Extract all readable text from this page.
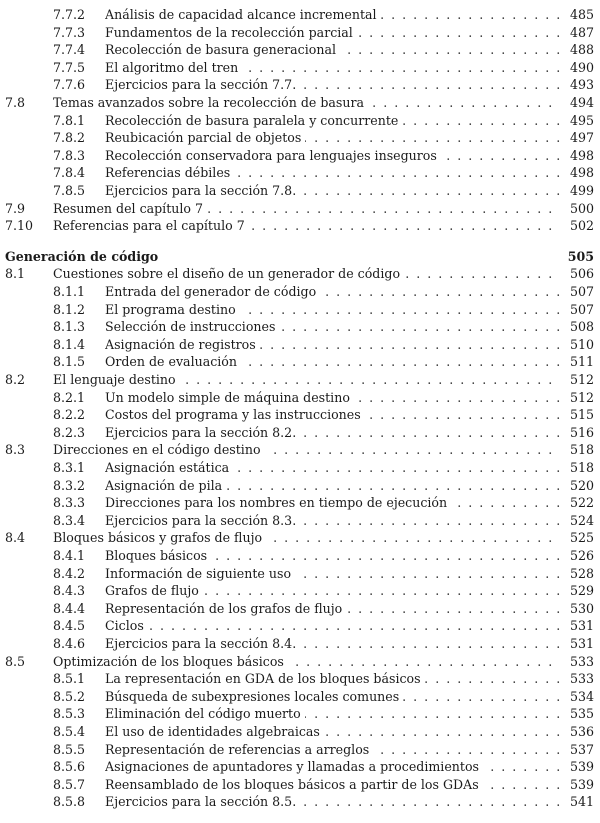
7.7.2 Análisis de capacidad alcance incremental . . .	485
7.7.3 Fundamentos de la recolección parcial . . .	487
7.7.4 Recolección de basura generacional . . .	488
7.7.5 El algoritmo del tren . . .	490
7.7.6 Ejercicios para la sección 7.7. . . .	493
7.8 Temas avanzados sobre la recolección de basura . . .	494
7.8.1 Recolección de basura paralela y concurrente . . .	495
7.8.2 Reubicación parcial de objetos . . .	497
7.8.3 Recolección conservadora para lenguajes inseguros . . .	498
7.8.4 Referencias débiles . . .	498
7.8.5 Ejercicios para la sección 7.8. . . .	499
7.9 Resumen del capítulo 7 . . .	500
7.10 Referencias para el capítulo 7 . . .	502
Generación de código	505
8.1 Cuestiones sobre el diseño de un generador de código . . .	506
8.1.1 Entrada del generador de código . . .	507
8.1.2 El programa destino . . .	507
8.1.3 Selección de instrucciones . . .	508
8.1.4 Asignación de registros . . .	510
8.1.5 Orden de evaluación . . .	511
8.2 El lenguaje destino . . .	512
8.2.1 Un modelo simple de máquina destino . . .	512
8.2.2 Costos del programa y las instrucciones . . .	515
8.2.3 Ejercicios para la sección 8.2. . . .	516
8.3 Direcciones en el código destino . . .	518
8.3.1 Asignación estática . . .	518
8.3.2 Asignación de pila . . .	520
8.3.3 Direcciones para los nombres en tiempo de ejecución . . .	522
8.3.4 Ejercicios para la sección 8.3. . . .	524
8.4 Bloques básicos y grafos de flujo . . .	525
8.4.1 Bloques básicos . . .	526
8.4.2 Información de siguiente uso . . .	528
8.4.3 Grafos de flujo . . .	529
8.4.4 Representación de los grafos de flujo . . .	530
8.4.5 Ciclos . . .	531
8.4.6 Ejercicios para la sección 8.4. . . .	531
8.5 Optimización de los bloques básicos . . .	533
8.5.1 La representación en GDA de los bloques básicos . . .	533
8.5.2 Búsqueda de subexpresiones locales comunes . . .	534
8.5.3 Eliminación del código muerto . . .	535
8.5.4 El uso de identidades algebraicas . . .	536
8.5.5 Representación de referencias a arreglos . . .	537
8.5.6 Asignaciones de apuntadores y llamadas a procedimientos . . .	539
8.5.7 Reensamblado de los bloques básicos a partir de los GDAs . . .	539
8.5.8 Ejercicios para la sección 8.5. . . .	541
